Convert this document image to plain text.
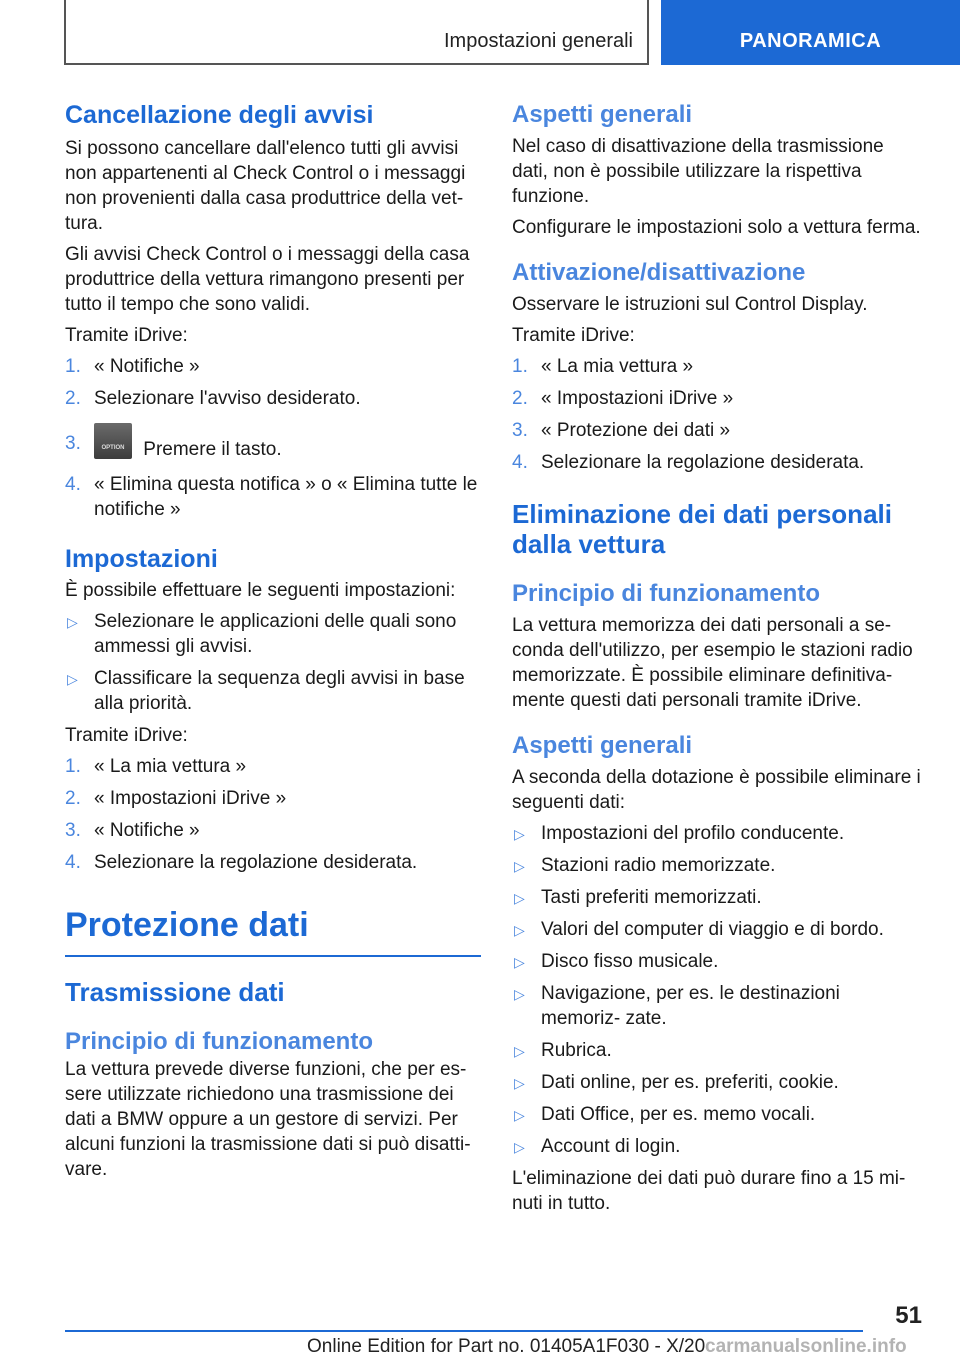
Impostazioni generali	PANORAMICA
Cancellazione degli avvisi

Si possono cancellare dall'elenco tutti gli avvisi non appartenenti al Check Control o i messaggi non provenienti dalla casa produttrice della vet‐ tura.

Gli avvisi Check Control o i messaggi della casa produttrice della vettura rimangono presenti per tutto il tempo che sono validi.

Tramite iDrive:

1. « Notifiche »
2. Selezionare l'avviso desiderato.
3.	OPTION Premere il tasto.
4. « Elimina questa notifica » o « Elimina tutte le notifiche »
Impostazioni

È possibile effettuare le seguenti impostazioni:

▷ Selezionare le applicazioni delle quali sono ammessi gli avvisi.
▷ Classificare la sequenza degli avvisi in base alla priorità.

Tramite iDrive:

1. « La mia vettura »
2. « Impostazioni iDrive »
3. « Notifiche »
4. Selezionare la regolazione desiderata.
Protezione dati
Trasmissione dati
Principio di funzionamento

La vettura prevede diverse funzioni, che per es‐ sere utilizzate richiedono una trasmissione dei dati a BMW oppure a un gestore di servizi. Per alcuni funzioni la trasmissione dati si può disatti‐ vare.

Aspetti generali

Nel caso di disattivazione della trasmissione dati, non è possibile utilizzare la rispettiva funzione.

Configurare le impostazioni solo a vettura ferma.

Attivazione/disattivazione

Osservare le istruzioni sul Control Display.

Tramite iDrive:

1. « La mia vettura »
2. « Impostazioni iDrive »
3. « Protezione dei dati »
4. Selezionare la regolazione desiderata.
Eliminazione dei dati personali dalla vettura
Principio di funzionamento

La vettura memorizza dei dati personali a se‐ conda dell'utilizzo, per esempio le stazioni radio memorizzate. È possibile eliminare definitiva‐ mente questi dati personali tramite iDrive.

Aspetti generali

A seconda della dotazione è possibile eliminare i seguenti dati:

▷ Impostazioni del profilo conducente.
▷ Stazioni radio memorizzate.
▷ Tasti preferiti memorizzati.
▷ Valori del computer di viaggio e di bordo.
▷ Disco fisso musicale.
▷ Navigazione, per es. le destinazioni memoriz‐ zate.
▷ Rubrica.
▷ Dati online, per es. preferiti, cookie.
▷ Dati Office, per es. memo vocali.
▷ Account di login.

L'eliminazione dei dati può durare fino a 15 mi‐ nuti in tutto.

51
Online Edition for Part no. 01405A1F030 - X/20 carmanualsonline.info
